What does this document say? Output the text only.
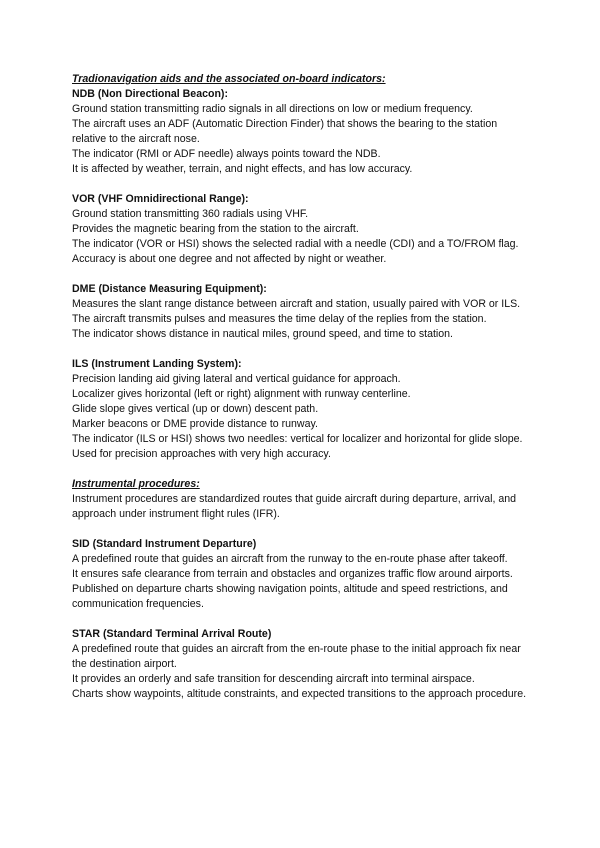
Tradionavigation aids and the associated on-board indicators:

NDB (Non Directional Beacon):

Ground station transmitting radio signals in all directions on low or medium frequency.

The aircraft uses an ADF (Automatic Direction Finder) that shows the bearing to the station relative to the aircraft nose.

The indicator (RMI or ADF needle) always points toward the NDB.

It is affected by weather, terrain, and night effects, and has low accuracy.

VOR (VHF Omnidirectional Range):

Ground station transmitting 360 radials using VHF.

Provides the magnetic bearing from the station to the aircraft.

The indicator (VOR or HSI) shows the selected radial with a needle (CDI) and a TO/FROM flag.

Accuracy is about one degree and not affected by night or weather.

DME (Distance Measuring Equipment):

Measures the slant range distance between aircraft and station, usually paired with VOR or ILS.

The aircraft transmits pulses and measures the time delay of the replies from the station.

The indicator shows distance in nautical miles, ground speed, and time to station.

ILS (Instrument Landing System):

Precision landing aid giving lateral and vertical guidance for approach.

Localizer gives horizontal (left or right) alignment with runway centerline.

Glide slope gives vertical (up or down) descent path.

Marker beacons or DME provide distance to runway.

The indicator (ILS or HSI) shows two needles: vertical for localizer and horizontal for glide slope.

Used for precision approaches with very high accuracy.

Instrumental procedures:

Instrument procedures are standardized routes that guide aircraft during departure, arrival, and approach under instrument flight rules (IFR).

SID (Standard Instrument Departure)

A predefined route that guides an aircraft from the runway to the en-route phase after takeoff.

It ensures safe clearance from terrain and obstacles and organizes traffic flow around airports.

Published on departure charts showing navigation points, altitude and speed restrictions, and communication frequencies.

STAR (Standard Terminal Arrival Route)

A predefined route that guides an aircraft from the en-route phase to the initial approach fix near the destination airport.

It provides an orderly and safe transition for descending aircraft into terminal airspace.

Charts show waypoints, altitude constraints, and expected transitions to the approach procedure.
